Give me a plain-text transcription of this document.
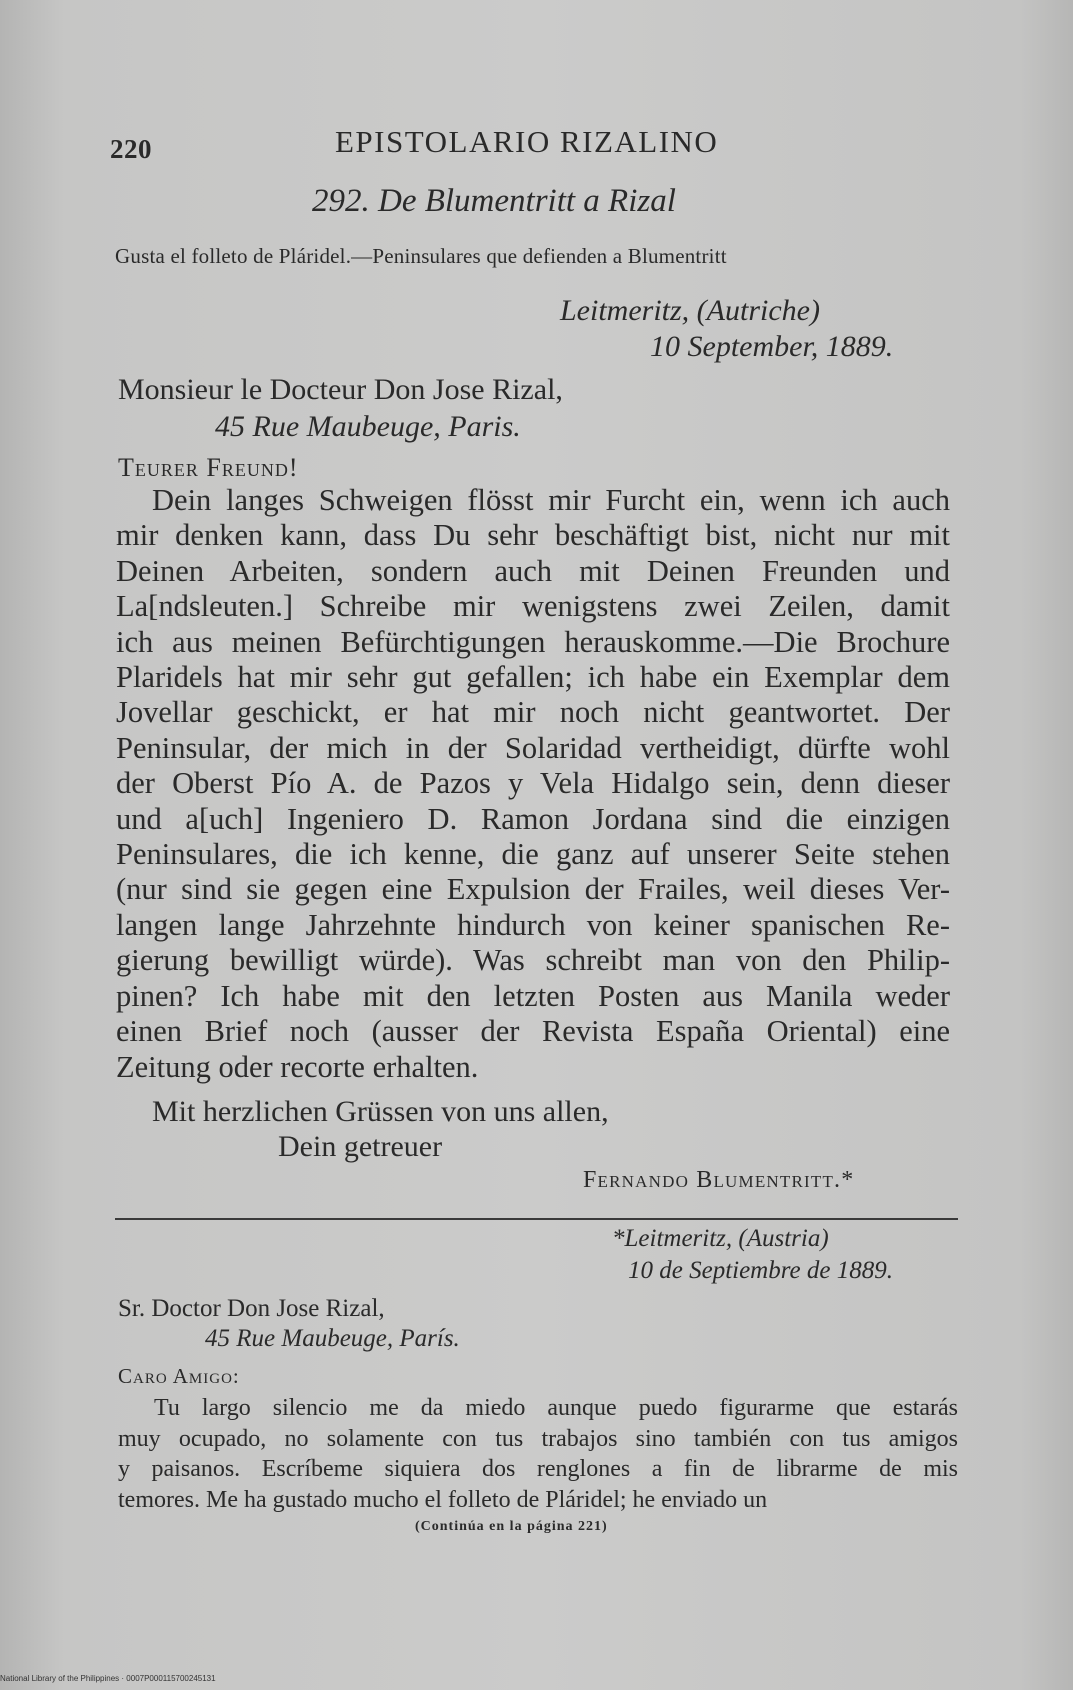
220	EPISTOLARIO RIZALINO
292. De Blumentritt a Rizal
Gusta el folleto de Pláridel.—Peninsulares que defienden a Blumentritt
Leitmeritz, (Autriche)
10 September, 1889.
Monsieur le Docteur Don Jose Rizal,
45 Rue Maubeuge, Paris.
Teurer Freund!
Dein langes Schweigen flösst mir Furcht ein, wenn ich auch
mir denken kann, dass Du sehr beschäftigt bist, nicht nur mit
Deinen Arbeiten, sondern auch mit Deinen Freunden und
La[ndsleuten.] Schreibe mir wenigstens zwei Zeilen, damit
ich aus meinen Befürchtigungen herauskomme.—Die Brochure
Plaridels hat mir sehr gut gefallen; ich habe ein Exemplar dem
Jovellar geschickt, er hat mir noch nicht geantwortet. Der
Peninsular, der mich in der Solaridad vertheidigt, dürfte wohl
der Oberst Pío A. de Pazos y Vela Hidalgo sein, denn dieser
und a[uch] Ingeniero D. Ramon Jordana sind die einzigen
Peninsulares, die ich kenne, die ganz auf unserer Seite stehen
(nur sind sie gegen eine Expulsion der Frailes, weil dieses Ver-
langen lange Jahrzehnte hindurch von keiner spanischen Re-
gierung bewilligt würde). Was schreibt man von den Philip-
pinen? Ich habe mit den letzten Posten aus Manila weder
einen Brief noch (ausser der Revista España Oriental) eine
Zeitung oder recorte erhalten.
Mit herzlichen Grüssen von uns allen,
Dein getreuer
Fernando Blumentritt.*
*Leitmeritz, (Austria)
10 de Septiembre de 1889.
Sr. Doctor Don Jose Rizal,
45 Rue Maubeuge, París.
Caro Amigo:
Tu largo silencio me da miedo aunque puedo figurarme que estarás
muy ocupado, no solamente con tus trabajos sino también con tus amigos
y paisanos. Escríbeme siquiera dos renglones a fin de librarme de mis
temores. Me ha gustado mucho el folleto de Pláridel; he enviado un
(Continúa en la página 221)
National Library of the Philippines · 0007P000115700245131
